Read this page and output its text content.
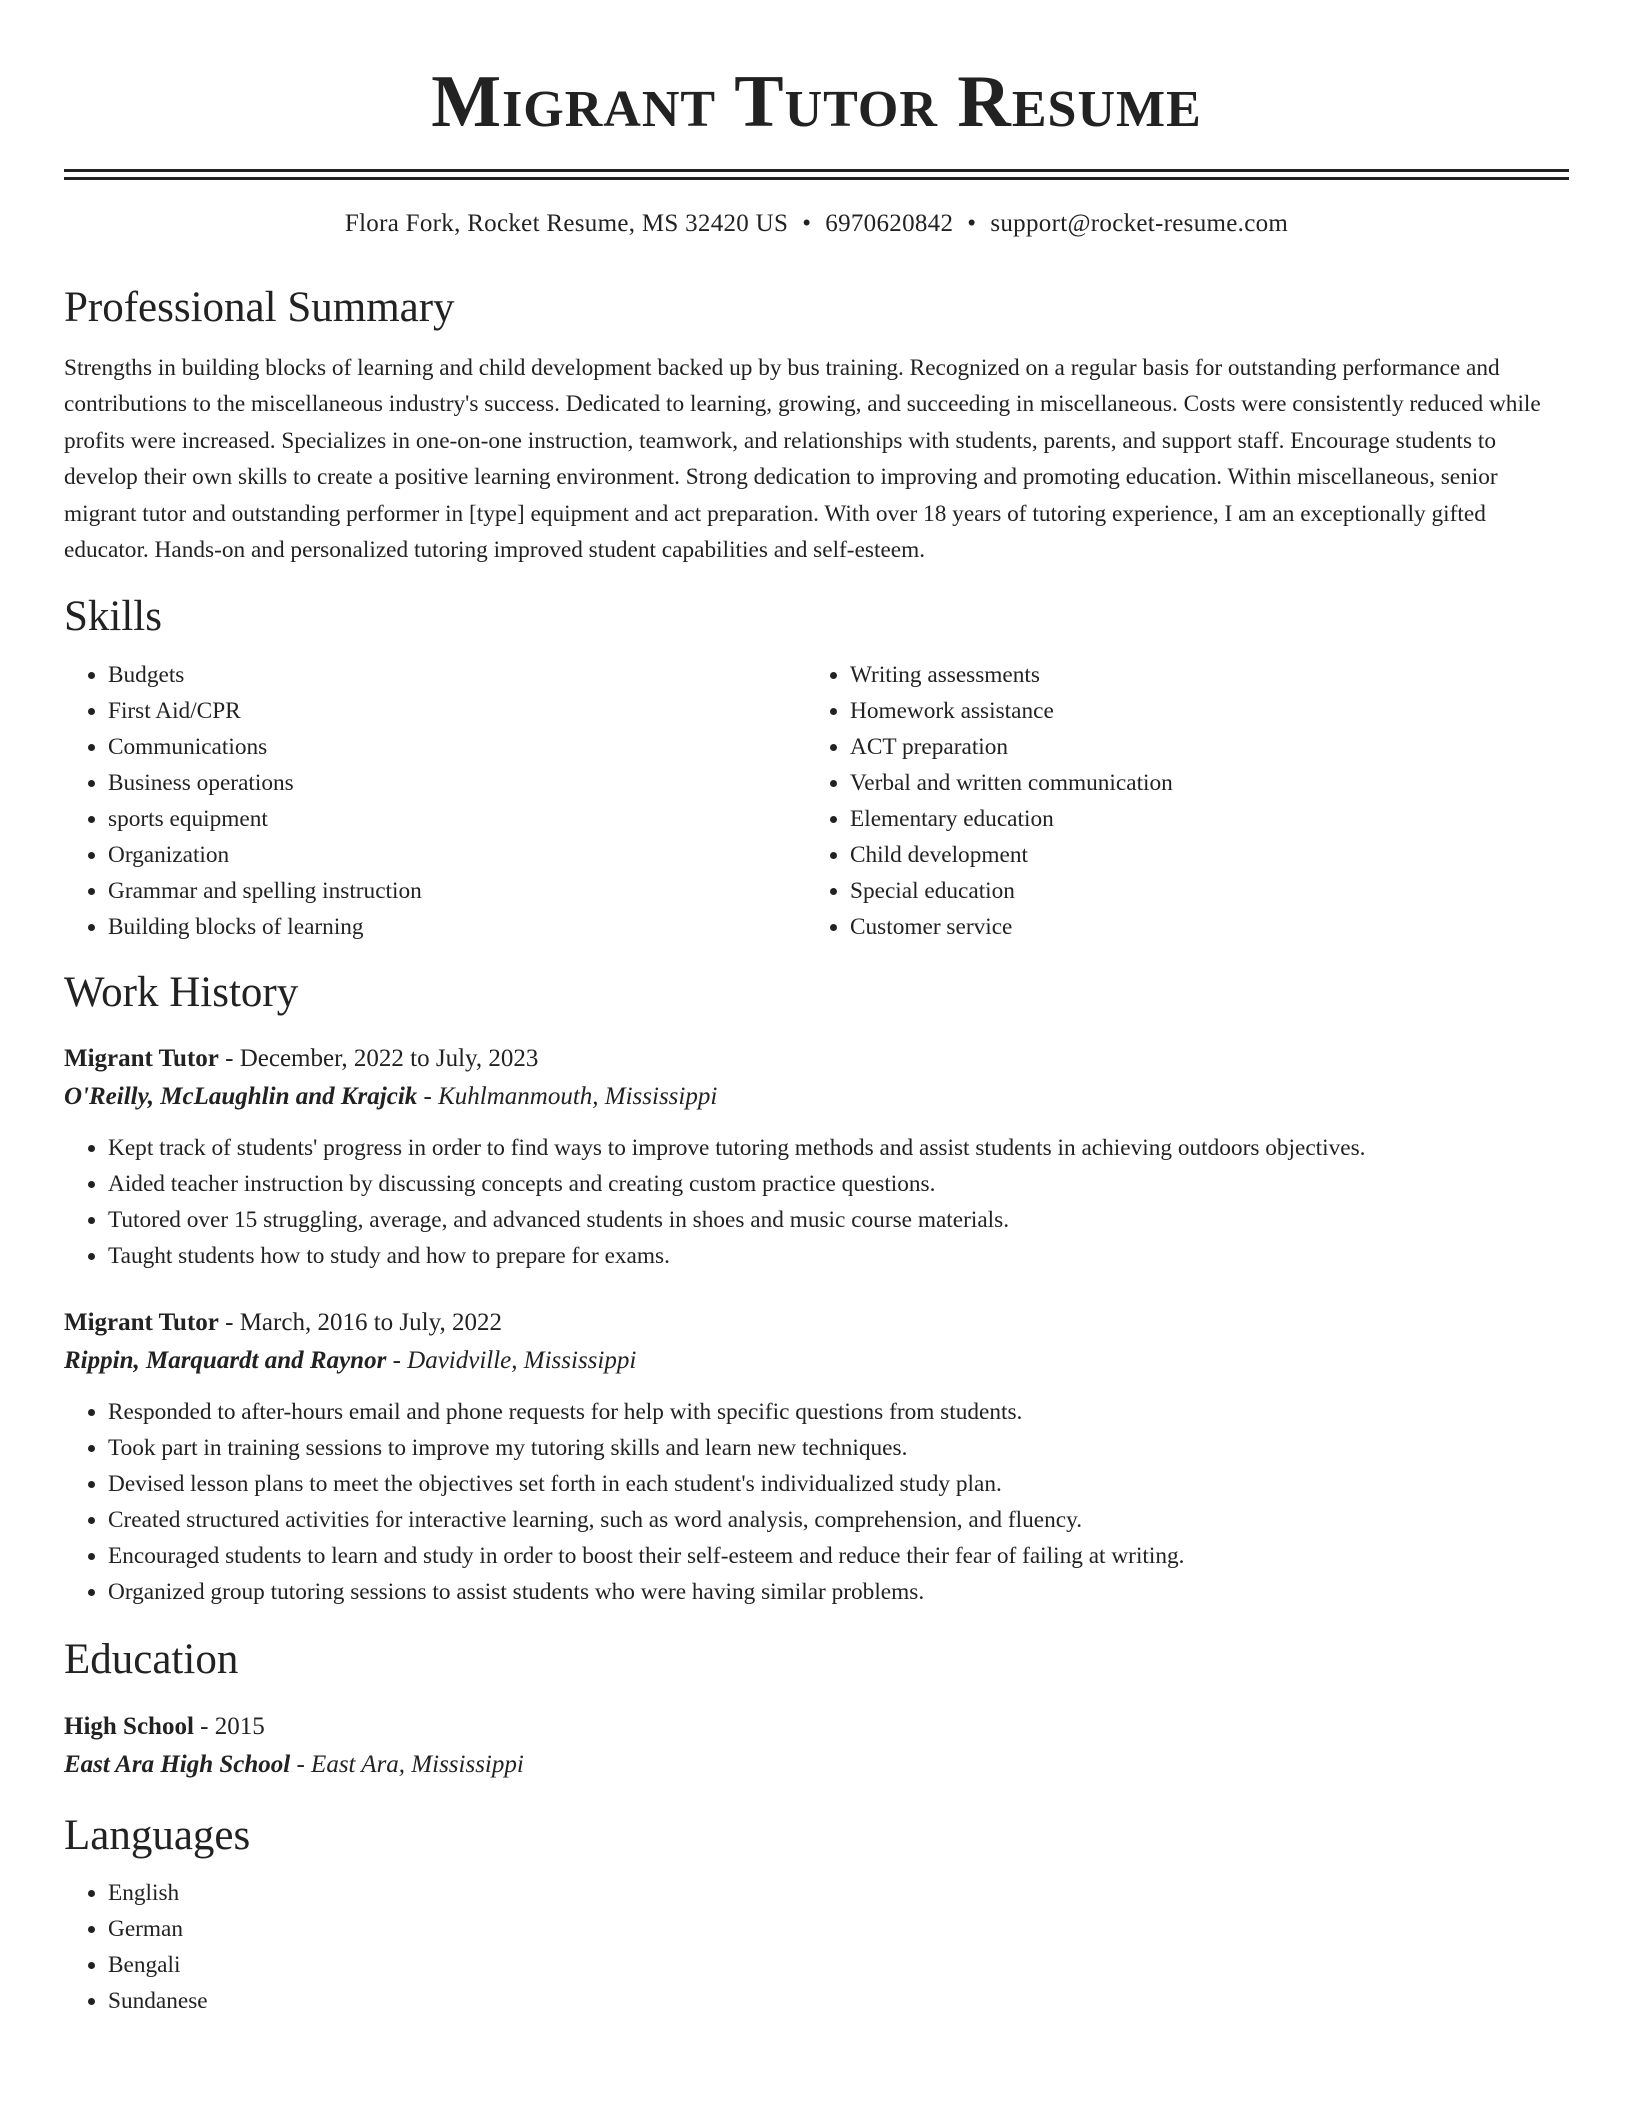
Migrant Tutor Resume
Flora Fork, Rocket Resume, MS 32420 US • 6970620842 • support@rocket-resume.com
Professional Summary
Strengths in building blocks of learning and child development backed up by bus training. Recognized on a regular basis for outstanding performance and contributions to the miscellaneous industry's success. Dedicated to learning, growing, and succeeding in miscellaneous. Costs were consistently reduced while profits were increased. Specializes in one-on-one instruction, teamwork, and relationships with students, parents, and support staff. Encourage students to develop their own skills to create a positive learning environment. Strong dedication to improving and promoting education. Within miscellaneous, senior migrant tutor and outstanding performer in [type] equipment and act preparation. With over 18 years of tutoring experience, I am an exceptionally gifted educator. Hands-on and personalized tutoring improved student capabilities and self-esteem.
Skills
• Budgets
• First Aid/CPR
• Communications
• Business operations
• sports equipment
• Organization
• Grammar and spelling instruction
• Building blocks of learning
• Writing assessments
• Homework assistance
• ACT preparation
• Verbal and written communication
• Elementary education
• Child development
• Special education
• Customer service
Work History
Migrant Tutor - December, 2022 to July, 2023
O'Reilly, McLaughlin and Krajcik - Kuhlmanmouth, Mississippi
• Kept track of students' progress in order to find ways to improve tutoring methods and assist students in achieving outdoors objectives.
• Aided teacher instruction by discussing concepts and creating custom practice questions.
• Tutored over 15 struggling, average, and advanced students in shoes and music course materials.
• Taught students how to study and how to prepare for exams.
Migrant Tutor - March, 2016 to July, 2022
Rippin, Marquardt and Raynor - Davidville, Mississippi
• Responded to after-hours email and phone requests for help with specific questions from students.
• Took part in training sessions to improve my tutoring skills and learn new techniques.
• Devised lesson plans to meet the objectives set forth in each student's individualized study plan.
• Created structured activities for interactive learning, such as word analysis, comprehension, and fluency.
• Encouraged students to learn and study in order to boost their self-esteem and reduce their fear of failing at writing.
• Organized group tutoring sessions to assist students who were having similar problems.
Education
High School - 2015
East Ara High School - East Ara, Mississippi
Languages
• English
• German
• Bengali
• Sundanese
